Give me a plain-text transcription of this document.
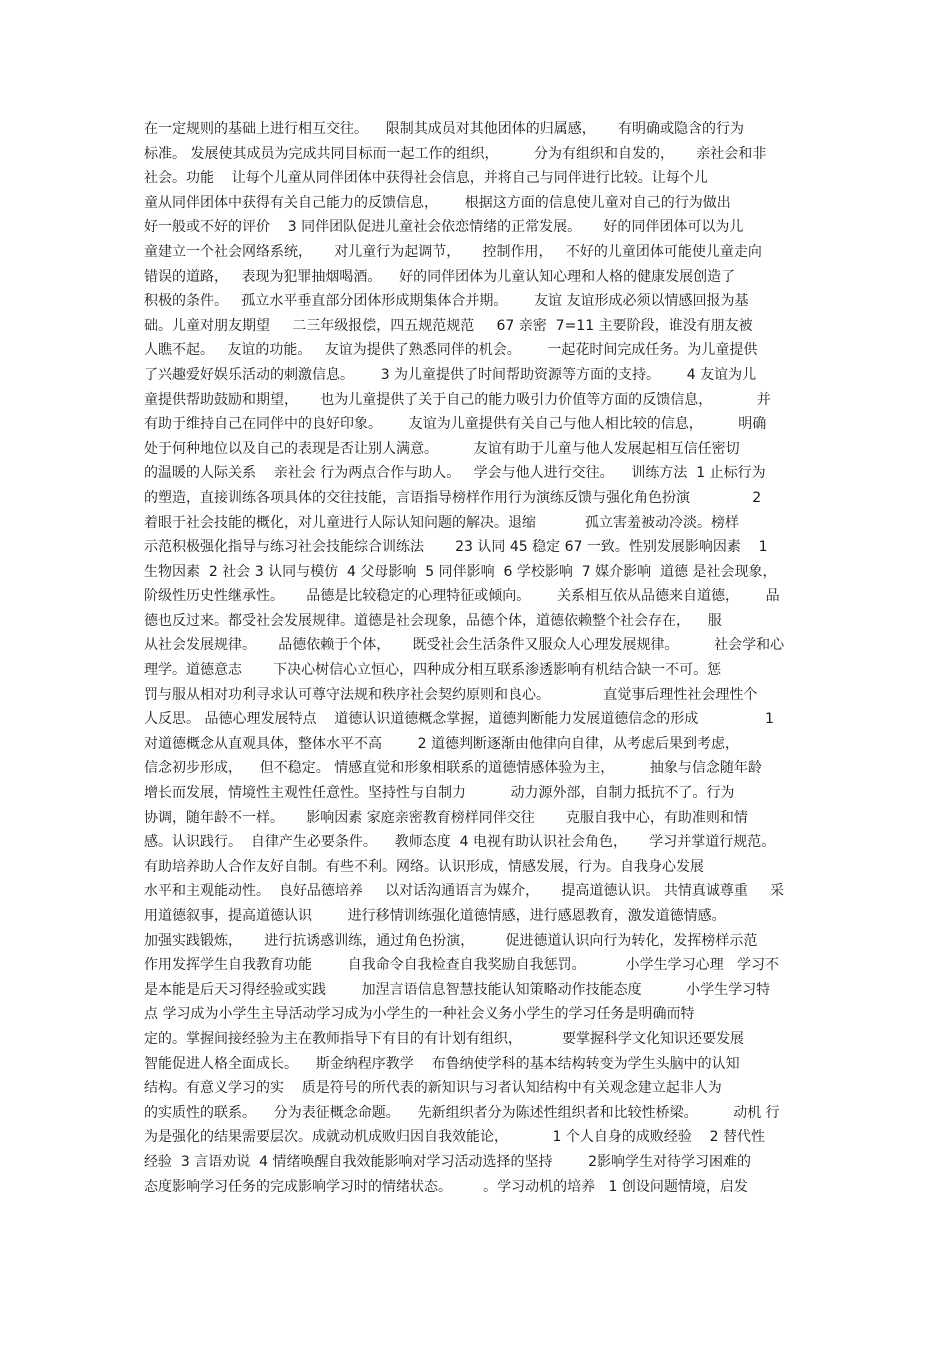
在一定规则的基础上进行相互交往。    限制其成员对其他团体的归属感，     有明确或隐含的行为
标准。 发展使其成员为完成共同目标而一起工作的组织，        分为有组织和自发的，     亲社会和非
社会。功能    让每个儿童从同伴团体中获得社会信息，并将自己与同伴进行比较。让每个儿
童从同伴团体中获得有关自己能力的反馈信息，      根据这方面的信息使儿童对自己的行为做出
好一般或不好的评价    3 同伴团队促进儿童社会依恋情绪的正常发展。     好的同伴团体可以为儿
童建立一个社会网络系统，     对儿童行为起调节，     控制作用，   不好的儿童团体可能使儿童走向
错误的道路，   表现为犯罪抽烟喝酒。    好的同伴团体为儿童认知心理和人格的健康发展创造了
积极的条件。   孤立水平垂直部分团体形成期集体合并期。      友谊 友谊形成必须以情感回报为基
础。儿童对朋友期望     二三年级报偿，四五规范规范     67 亲密  7=11 主要阶段，谁没有朋友被
人瞧不起。   友谊的功能。   友谊为提供了熟悉同伴的机会。      一起花时间完成任务。为儿童提供
了兴趣爱好娱乐活动的刺激信息。      3 为儿童提供了时间帮助资源等方面的支持。      4 友谊为儿
童提供帮助鼓励和期望，     也为儿童提供了关于自己的能力吸引力价值等方面的反馈信息，          并
有助于维持自己在同伴中的良好印象。      友谊为儿童提供有关自己与他人相比较的信息，        明确
处于何种地位以及自己的表现是否让别人满意。        友谊有助于儿童与他人发展起相互信任密切
的温暖的人际关系    亲社会 行为两点合作与助人。   学会与他人进行交往。    训练方法  1 止标行为
的塑造，直接训练各项具体的交往技能，言语指导榜样作用行为演练反馈与强化角色扮演              2
着眼于社会技能的概化，对儿童进行人际认知问题的解决。退缩           孤立害羞被动冷淡。榜样
示范积极强化指导与练习社会技能综合训练法       23 认同 45 稳定 67 一致。性别发展影响因素    1
生物因素  2 社会 3 认同与模仿  4 父母影响  5 同伴影响  6 学校影响  7 媒介影响  道德 是社会现象，
阶级性历史性继承性。     品德是比较稳定的心理特征或倾向。      关系相互依从品德来自道德，      品
德也反过来。都受社会发展规律。道德是社会现象，品德个体，道德依赖整个社会存在，    服
从社会发展规律。     品德依赖于个体，     既受社会生活条件又服众人心理发展规律。        社会学和心
理学。道德意志       下决心树信心立恒心，四种成分相互联系渗透影响有机结合缺一不可。惩
罚与服从相对功利寻求认可尊守法规和秩序社会契约原则和良心。            直觉事后理性社会理性个
人反思。 品德心理发展特点    道德认识道德概念掌握，道德判断能力发展道德信念的形成               1
对道德概念从直观具体，整体水平不高        2 道德判断逐渐由他律向自律，从考虑后果到考虑，
信念初步形成，    但不稳定。 情感直觉和形象相联系的道德情感体验为主，        抽象与信念随年龄
增长而发展，情境性主观性任意性。坚持性与自制力          动力源外部，自制力抵抗不了。行为
协调，随年龄不一样。     影响因素 家庭亲密教育榜样同伴交往       克服自我中心，有助准则和情
感。认识践行。  自律产生必要条件。    教师态度  4 电视有助认识社会角色，     学习并掌道行规范。
有助培养助人合作友好自制。有些不利。网络。认识形成，情感发展，行为。自我身心发展
水平和主观能动性。  良好品德培养     以对话沟通语言为媒介，     提高道德认识。 共情真诚尊重     采
用道德叙事，提高道德认识        进行移情训练强化道德情感，进行感恩教育，激发道德情感。
加强实践锻炼，     进行抗诱惑训练，通过角色扮演，       促进德道认识向行为转化，发挥榜样示范
作用发挥学生自我教育功能        自我命令自我检查自我奖励自我惩罚。         小学生学习心理   学习不
是本能是后天习得经验或实践        加涅言语信息智慧技能认知策略动作技能态度          小学生学习特
点 学习成为小学生主导活动学习成为小学生的一种社会义务小学生的学习任务是明确而特
定的。掌握间接经验为主在教师指导下有目的有计划有组织，         要掌握科学文化知识还要发展
智能促进人格全面成长。    斯金纳程序教学    布鲁纳使学科的基本结构转变为学生头脑中的认知
结构。有意义学习的实    质是符号的所代表的新知识与习者认知结构中有关观念建立起非人为
的实质性的联系。    分为表征概念命题。    先新组织者分为陈述性组织者和比较性桥梁。        动机 行
为是强化的结果需要层次。成就动机成败归因自我效能论，          1 个人自身的成败经验    2 替代性
经验  3 言语劝说  4 情绪唤醒自我效能影响对学习活动选择的坚持        2影响学生对待学习困难的
态度影响学习任务的完成影响学习时的情绪状态。       。学习动机的培养   1 创设问题情境，启发
